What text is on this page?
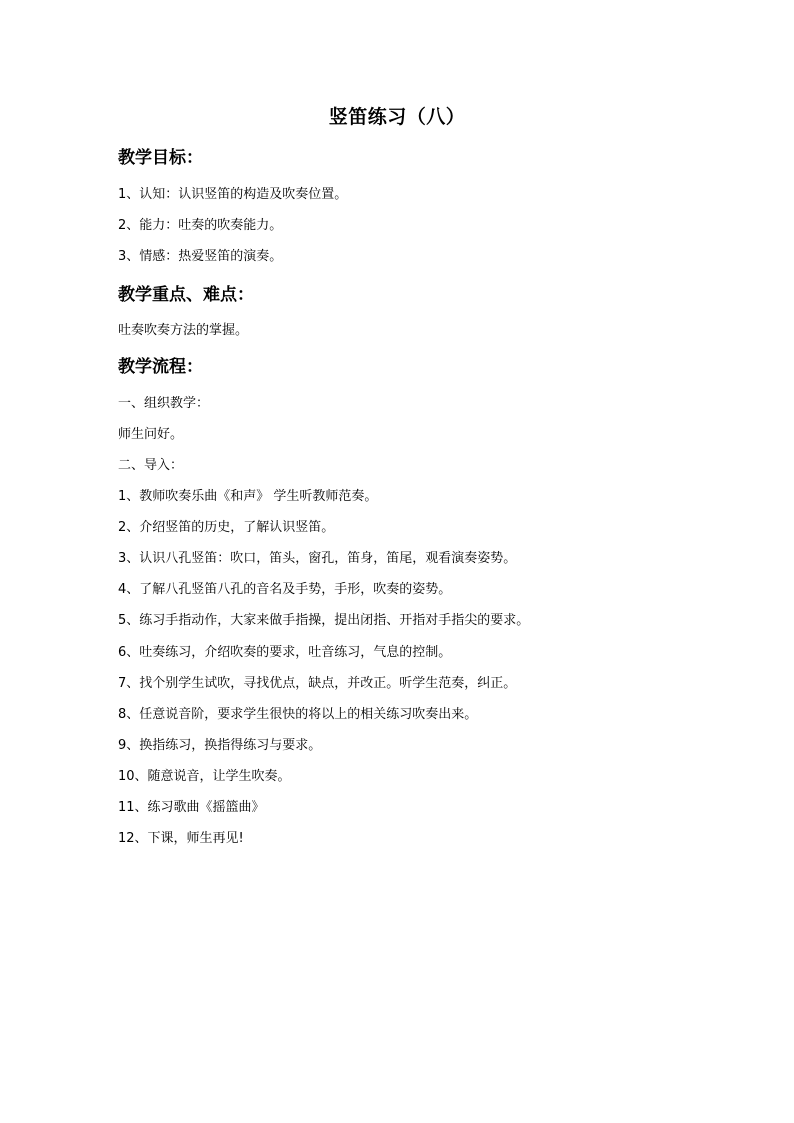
竖笛练习（八）
教学目标：
1、认知：认识竖笛的构造及吹奏位置。
2、能力：吐奏的吹奏能力。
3、情感：热爱竖笛的演奏。
教学重点、难点：
吐奏吹奏方法的掌握。
教学流程：
一、组织教学：
师生问好。
二、导入：
1、教师吹奏乐曲《和声》 学生听教师范奏。
2、介绍竖笛的历史，了解认识竖笛。
3、认识八孔竖笛：吹口，笛头，窗孔，笛身，笛尾，观看演奏姿势。
4、了解八孔竖笛八孔的音名及手势，手形，吹奏的姿势。
5、练习手指动作，大家来做手指操，提出闭指、开指对手指尖的要求。
6、吐奏练习，介绍吹奏的要求，吐音练习，气息的控制。
7、找个别学生试吹，寻找优点，缺点，并改正。听学生范奏，纠正。
8、任意说音阶，要求学生很快的将以上的相关练习吹奏出来。
9、换指练习，换指得练习与要求。
10、随意说音，让学生吹奏。
11、练习歌曲《摇篮曲》
12、下课，师生再见!
